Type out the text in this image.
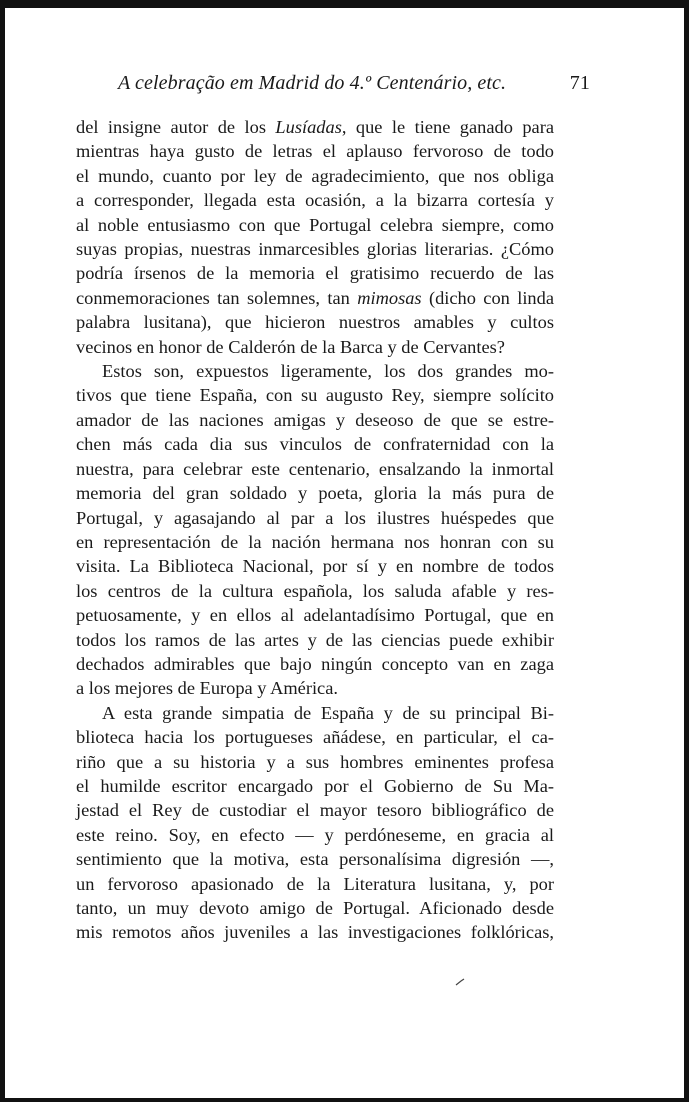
A celebração em Madrid do 4.º Centenário, etc.	71
del insigne autor de los Lusíadas, que le tiene ganado para
mientras haya gusto de letras el aplauso fervoroso de todo
el mundo, cuanto por ley de agradecimiento, que nos obliga
a corresponder, llegada esta ocasión, a la bizarra cortesía y
al noble entusiasmo con que Portugal celebra siempre, como
suyas propias, nuestras inmarcesibles glorias literarias. ¿Cómo
podría írsenos de la memoria el gratisimo recuerdo de las
conmemoraciones tan solemnes, tan mimosas (dicho con linda
palabra lusitana), que hicieron nuestros amables y cultos
vecinos en honor de Calderón de la Barca y de Cervantes?
Estos son, expuestos ligeramente, los dos grandes mo-
tivos que tiene España, con su augusto Rey, siempre solícito
amador de las naciones amigas y deseoso de que se estre-
chen más cada dia sus vinculos de confraternidad con la
nuestra, para celebrar este centenario, ensalzando la inmortal
memoria del gran soldado y poeta, gloria la más pura de
Portugal, y agasajando al par a los ilustres huéspedes que
en representación de la nación hermana nos honran con su
visita. La Biblioteca Nacional, por sí y en nombre de todos
los centros de la cultura española, los saluda afable y res-
petuosamente, y en ellos al adelantadísimo Portugal, que en
todos los ramos de las artes y de las ciencias puede exhibir
dechados admirables que bajo ningún concepto van en zaga
a los mejores de Europa y América.
A esta grande simpatia de España y de su principal Bi-
blioteca hacia los portugueses añádese, en particular, el ca-
riño que a su historia y a sus hombres eminentes profesa
el humilde escritor encargado por el Gobierno de Su Ma-
jestad el Rey de custodiar el mayor tesoro bibliográfico de
este reino. Soy, en efecto — y perdóneseme, en gracia al
sentimiento que la motiva, esta personalísima digresión —,
un fervoroso apasionado de la Literatura lusitana, y, por
tanto, un muy devoto amigo de Portugal. Aficionado desde
mis remotos años juveniles a las investigaciones folklóricas,
